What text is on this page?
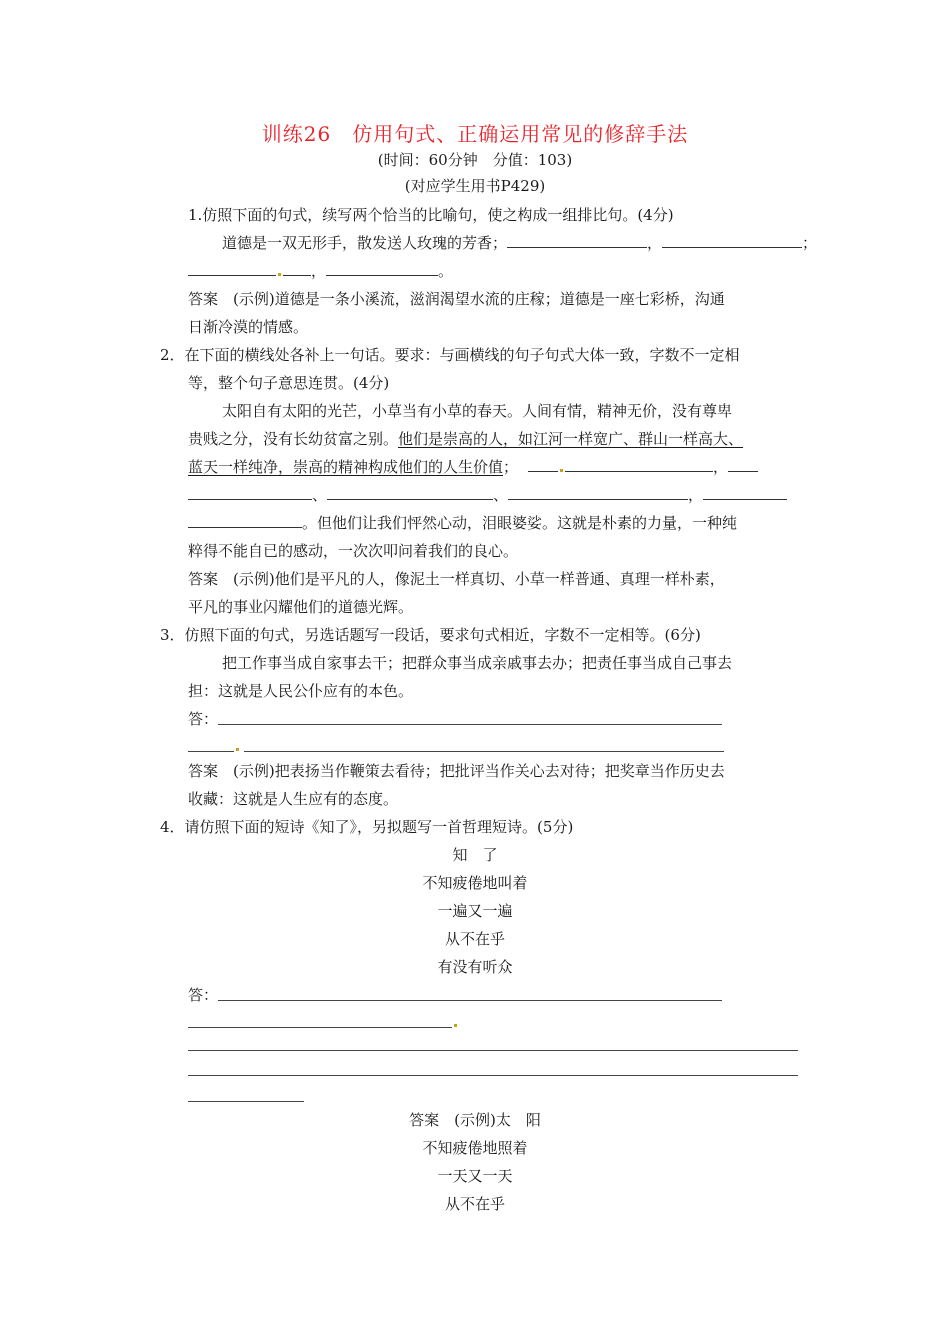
训练26　仿用句式、正确运用常见的修辞手法
(时间：60分钟　分值：103)
(对应学生用书P429)
1.仿照下面的句式，续写两个恰当的比喻句，使之构成一组排比句。(4分)
道德是一双无形手，散发送人玫瑰的芳香；	，	；
，	。
答案　(示例)道德是一条小溪流，滋润渴望水流的庄稼；道德是一座七彩桥，沟通
日渐冷漠的情感。
2．在下面的横线处各补上一句话。要求：与画横线的句子句式大体一致，字数不一定相
等，整个句子意思连贯。(4分)
太阳自有太阳的光芒，小草当有小草的春天。人间有情，精神无价，没有尊卑
贵贱之分，没有长幼贫富之别。他们是崇高的人，如江河一样宽广、群山一样高大、
蓝天一样纯净，崇高的精神构成他们的人生价值；	，
、	、	，
。但他们让我们怦然心动，泪眼婆娑。这就是朴素的力量，一种纯
粹得不能自已的感动，一次次叩问着我们的良心。
答案　(示例)他们是平凡的人，像泥土一样真切、小草一样普通、真理一样朴素，
平凡的事业闪耀他们的道德光辉。
3．仿照下面的句式，另选话题写一段话，要求句式相近，字数不一定相等。(6分)
把工作事当成自家事去干；把群众事当成亲戚事去办；把责任事当成自己事去
担：这就是人民公仆应有的本色。
答：
答案　(示例)把表扬当作鞭策去看待；把批评当作关心去对待；把奖章当作历史去
收藏：这就是人生应有的态度。
4．请仿照下面的短诗《知了》，另拟题写一首哲理短诗。(5分)
知　了
不知疲倦地叫着
一遍又一遍
从不在乎
有没有听众
答：
答案　(示例)太　阳
不知疲倦地照着
一天又一天
从不在乎
